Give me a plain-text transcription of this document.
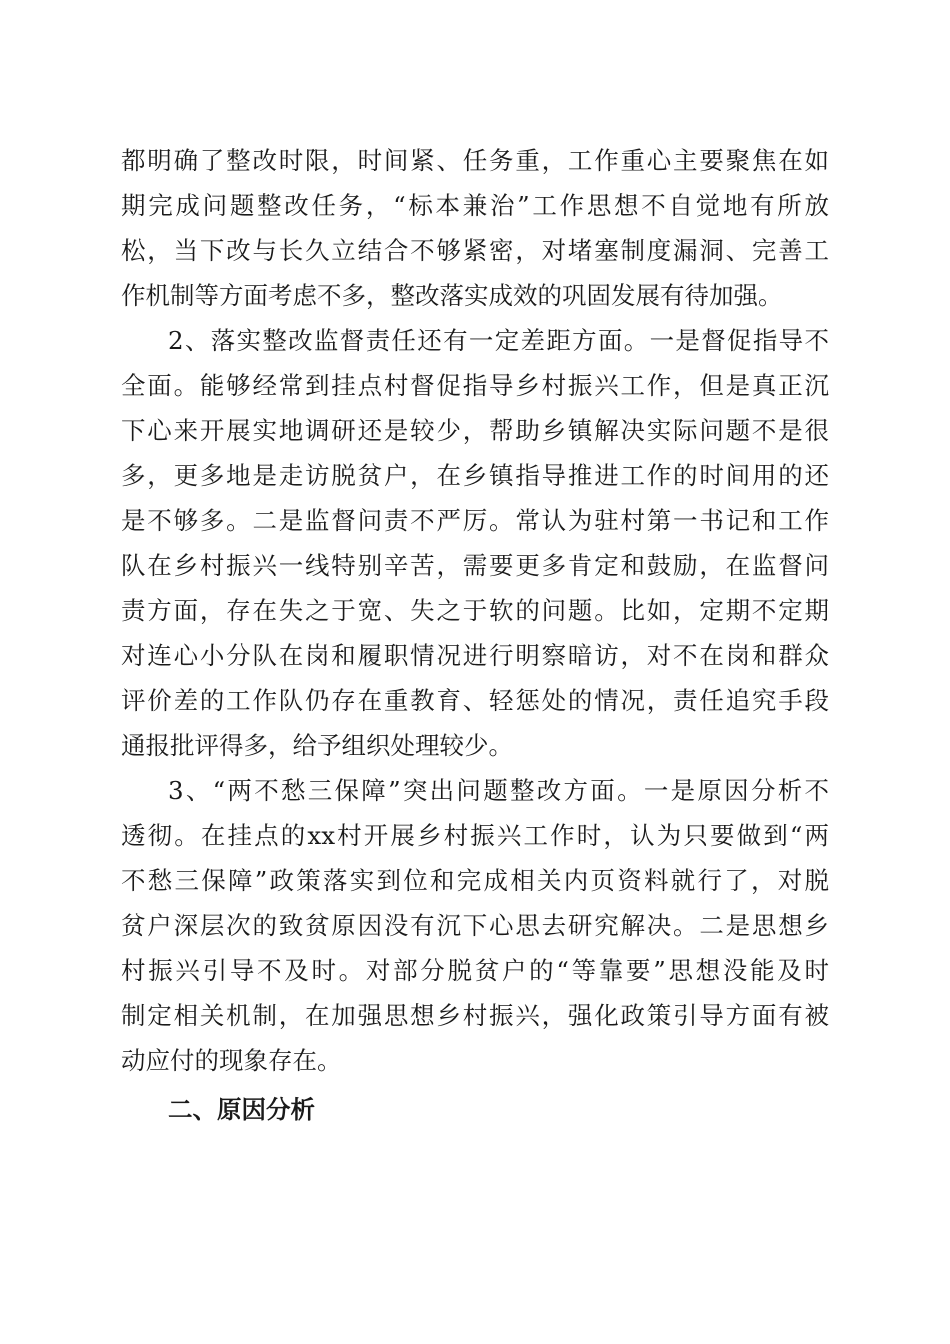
都明确了整改时限，时间紧、任务重，工作重心主要聚焦在如
期完成问题整改任务，“标本兼治”工作思想不自觉地有所放
松，当下改与长久立结合不够紧密，对堵塞制度漏洞、完善工
作机制等方面考虑不多，整改落实成效的巩固发展有待加强。
2、落实整改监督责任还有一定差距方面。一是督促指导不
全面。能够经常到挂点村督促指导乡村振兴工作，但是真正沉
下心来开展实地调研还是较少，帮助乡镇解决实际问题不是很
多，更多地是走访脱贫户，在乡镇指导推进工作的时间用的还
是不够多。二是监督问责不严厉。常认为驻村第一书记和工作
队在乡村振兴一线特别辛苦，需要更多肯定和鼓励，在监督问
责方面，存在失之于宽、失之于软的问题。比如，定期不定期
对连心小分队在岗和履职情况进行明察暗访，对不在岗和群众
评价差的工作队仍存在重教育、轻惩处的情况，责任追究手段
通报批评得多，给予组织处理较少。
3、“两不愁三保障”突出问题整改方面。一是原因分析不
透彻。在挂点的xx村开展乡村振兴工作时，认为只要做到“两
不愁三保障”政策落实到位和完成相关内页资料就行了，对脱
贫户深层次的致贫原因没有沉下心思去研究解决。二是思想乡
村振兴引导不及时。对部分脱贫户的“等靠要”思想没能及时
制定相关机制，在加强思想乡村振兴，强化政策引导方面有被
动应付的现象存在。
二、原因分析
